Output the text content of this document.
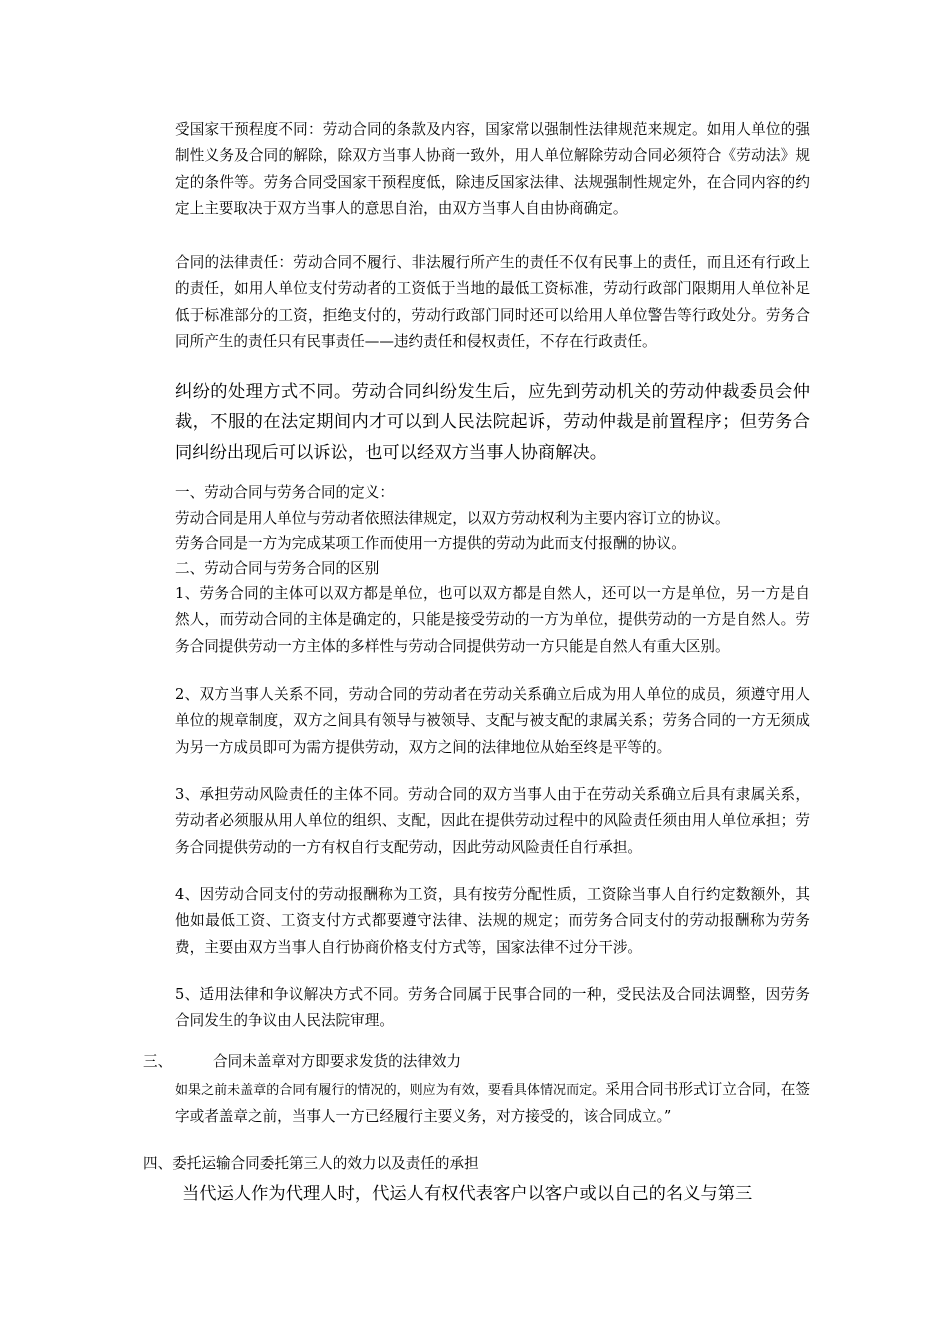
受国家干预程度不同：劳动合同的条款及内容，国家常以强制性法律规范来规定。如用人单位的强制性义务及合同的解除，除双方当事人协商一致外，用人单位解除劳动合同必须符合《劳动法》规定的条件等。劳务合同受国家干预程度低，除违反国家法律、法规强制性规定外，在合同内容的约定上主要取决于双方当事人的意思自治，由双方当事人自由协商确定。

合同的法律责任：劳动合同不履行、非法履行所产生的责任不仅有民事上的责任，而且还有行政上的责任，如用人单位支付劳动者的工资低于当地的最低工资标准，劳动行政部门限期用人单位补足低于标准部分的工资，拒绝支付的，劳动行政部门同时还可以给用人单位警告等行政处分。劳务合同所产生的责任只有民事责任——违约责任和侵权责任，不存在行政责任。

纠纷的处理方式不同。劳动合同纠纷发生后，应先到劳动机关的劳动仲裁委员会仲裁，不服的在法定期间内才可以到人民法院起诉，劳动仲裁是前置程序；但劳务合同纠纷出现后可以诉讼，也可以经双方当事人协商解决。

一、劳动合同与劳务合同的定义：

劳动合同是用人单位与劳动者依照法律规定，以双方劳动权利为主要内容订立的协议。

劳务合同是一方为完成某项工作而使用一方提供的劳动为此而支付报酬的协议。

二、劳动合同与劳务合同的区别

1、劳务合同的主体可以双方都是单位，也可以双方都是自然人，还可以一方是单位，另一方是自然人，而劳动合同的主体是确定的，只能是接受劳动的一方为单位，提供劳动的一方是自然人。劳务合同提供劳动一方主体的多样性与劳动合同提供劳动一方只能是自然人有重大区别。

2、双方当事人关系不同，劳动合同的劳动者在劳动关系确立后成为用人单位的成员，须遵守用人单位的规章制度，双方之间具有领导与被领导、支配与被支配的隶属关系；劳务合同的一方无须成为另一方成员即可为需方提供劳动，双方之间的法律地位从始至终是平等的。

3、承担劳动风险责任的主体不同。劳动合同的双方当事人由于在劳动关系确立后具有隶属关系，劳动者必须服从用人单位的组织、支配，因此在提供劳动过程中的风险责任须由用人单位承担；劳务合同提供劳动的一方有权自行支配劳动，因此劳动风险责任自行承担。

4、因劳动合同支付的劳动报酬称为工资，具有按劳分配性质，工资除当事人自行约定数额外，其他如最低工资、工资支付方式都要遵守法律、法规的规定；而劳务合同支付的劳动报酬称为劳务费，主要由双方当事人自行协商价格支付方式等，国家法律不过分干涉。

5、适用法律和争议解决方式不同。劳务合同属于民事合同的一种，受民法及合同法调整，因劳务合同发生的争议由人民法院审理。

三、	合同未盖章对方即要求发货的法律效力

如果之前未盖章的合同有履行的情况的，则应为有效，要看具体情况而定。采用合同书形式订立合同，在签字或者盖章之前，当事人一方已经履行主要义务，对方接受的，该合同成立。”

四、委托运输合同委托第三人的效力以及责任的承担

当代运人作为代理人时，代运人有权代表客户以客户或以自己的名义与第三
